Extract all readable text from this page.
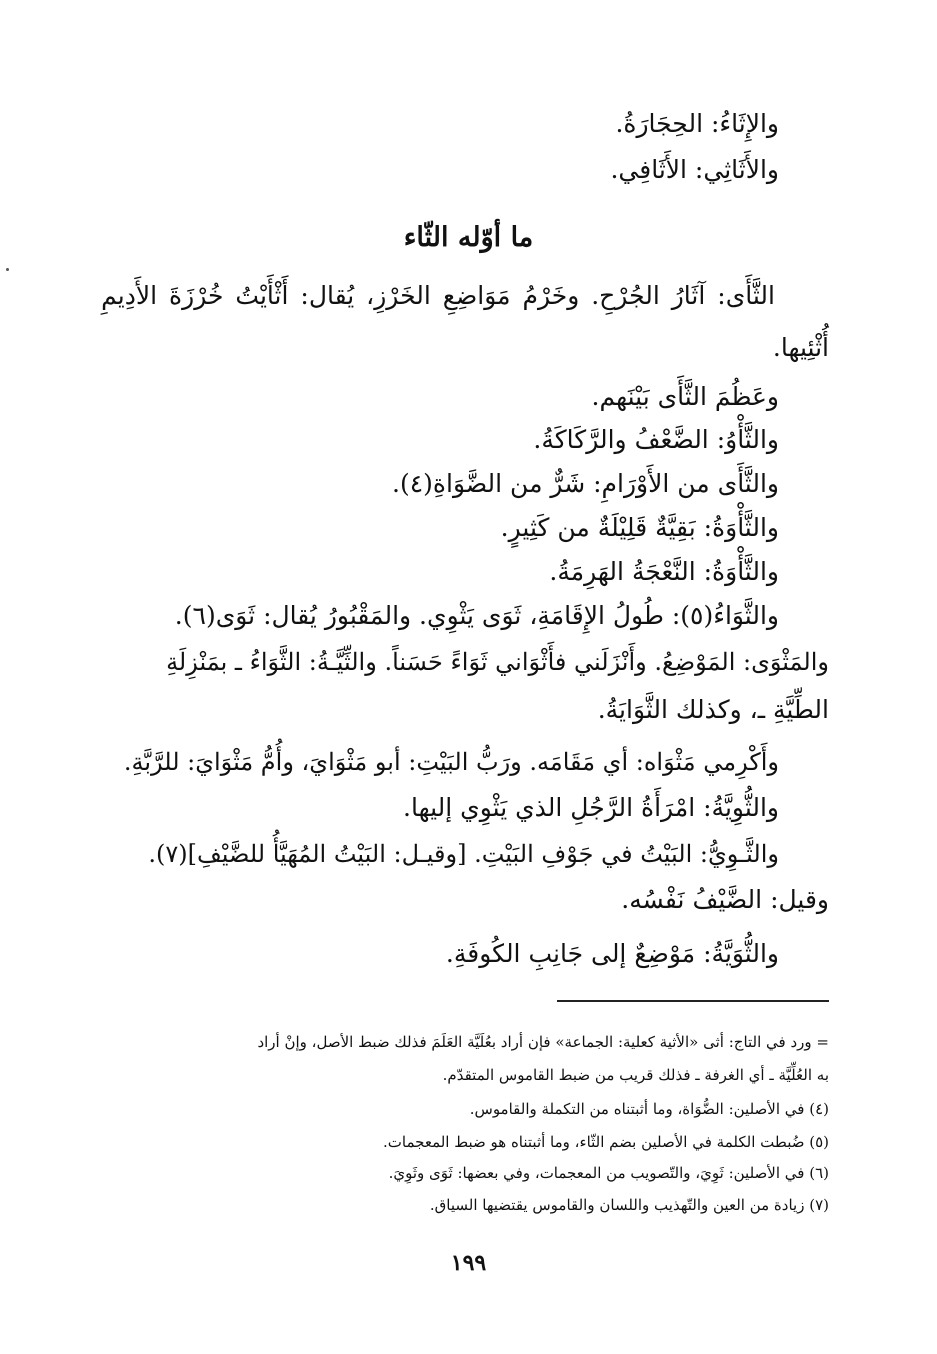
والإِثَاءُ: الحِجَارَةُ.
والأَثَاثِي: الأَثَافِي.
ما أوّله الثّاء
الثَّأَى: آثَارُ الجُرْحِ. وخَرْمُ مَوَاضِعِ الخَرْزِ، يُقال: أَثْأَيْتُ خُرْزَةَ الأَدِيمِ
أُثْئِيها.
وعَظُمَ الثَّأَى بَيْنَهم.
والثَّأْوُ: الضَّعْفُ والرَّكَاكَةُ.
والثَّأَى من الأَوْرَامِ: شَرٌّ من الضَّوَاةِ(٤).
والثَّأْوَةُ: بَقِيَّةٌ قَلِيْلَةٌ من كَثِيرٍ.
والثَّأْوَةُ: النَّعْجَةُ الهَرِمَةُ.
والثَّوَاءُ(٥): طُولُ الإِقَامَةِ، ثَوَى يَثْوِي. والمَقْبُورُ يُقال: ثَوَى(٦).
والمَثْوَى: المَوْضِعُ. وأَنْزَلَني فأَثْوَاني ثَوَاءً حَسَناً. والثِّيَّـةُ: الثَّوَاءُ ـ بمَنْزِلَةِ
الطِّيَّةِ ـ، وكذلك الثَّوَايَةُ.
وأَكْرِمي مَثْوَاه: أي مَقَامَه. ورَبُّ البَيْتِ: أبو مَثْوَايَ، وأُمُّ مَثْوَايَ: للرَّبَّةِ.
والثُّوِيَّةُ: امْرَأَةُ الرَّجُلِ الذي يَثْوِي إليها.
والثَّـوِيُّ: البَيْتُ في جَوْفِ البَيْتِ. [وقيـل: البَيْتُ المُهَيَّأُ للضَّيْفِ](٧).
وقيل: الضَّيْفُ نَفْسُه.
والثُّوَيَّةُ: مَوْضِعٌ إلى جَانِبِ الكُوفَةِ.
= ورد في التاج: أثى «الأثية كعلية: الجماعة» فإن أراد بعُلَيَّة العَلَمَ فذلك ضبط الأصل، وإنْ أراد
به العُلِّيَّة ـ أي الغرفة ـ فذلك قريب من ضبط القاموس المتقدّم.
(٤) في الأصلين: الضُّوَاة، وما أثبتناه من التكملة والقاموس.
(٥) ضُبطت الكلمة في الأصلين بضم الثّاء، وما أثبتناه هو ضبط المعجمات.
(٦) في الأصلين: ثَوِيَ، والتّصويب من المعجمات، وفي بعضها: ثَوَى وثَوِيَ.
(٧) زيادة من العين والتّهذيب واللسان والقاموس يقتضيها السياق.
١٩٩
